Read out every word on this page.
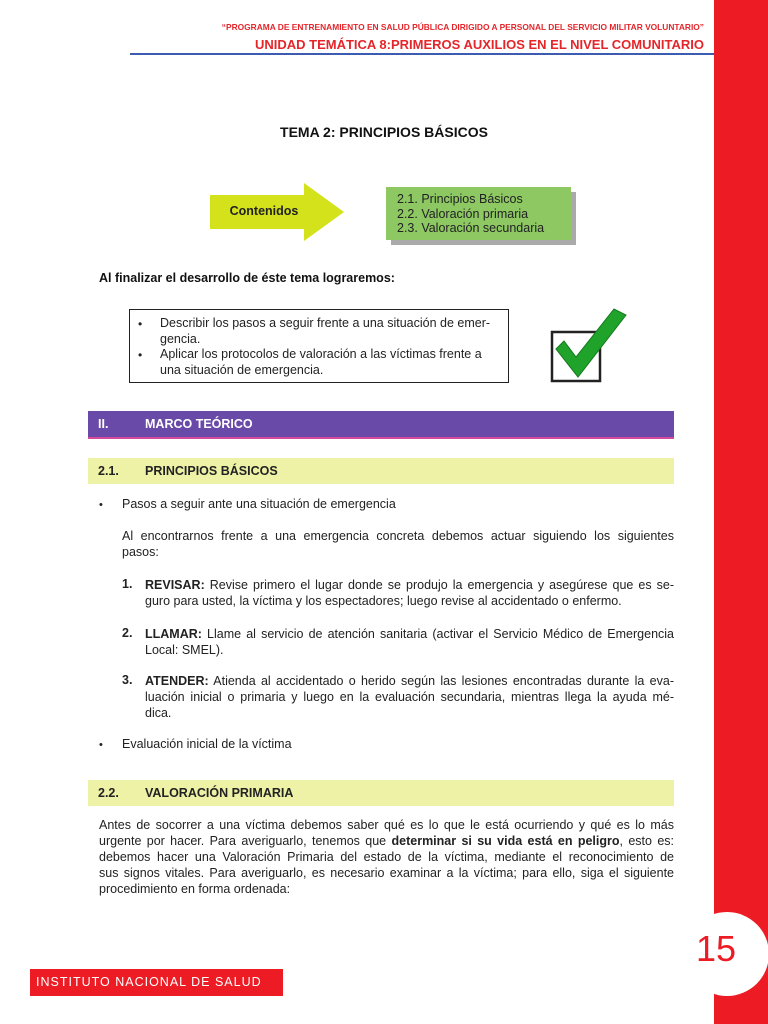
“PROGRAMA DE ENTRENAMIENTO EN SALUD PÚBLICA DIRIGIDO A PERSONAL DEL SERVICIO MILITAR VOLUNTARIO”
UNIDAD TEMÁTICA 8:PRIMEROS AUXILIOS EN EL NIVEL COMUNITARIO
15
TEMA 2: PRINCIPIOS BÁSICOS
Contenidos
2.1. Principios Básicos
2.2. Valoración primaria
2.3. Valoración secundaria
Al finalizar el desarrollo de éste tema lograremos:
• Describir los pasos a seguir frente a una situación de emer-
gencia.
• Aplicar los protocolos de valoración a las víctimas frente a
una situación de emergencia.
II.	MARCO TEÓRICO
2.1. PRINCIPIOS BÁSICOS
• Pasos a seguir ante una situación de emergencia
Al encontrarnos frente a una emergencia concreta debemos actuar siguiendo los siguientes
pasos:
1. REVISAR: Revise primero el lugar donde se produjo la emergencia y asegúrese que es se-
guro para usted, la víctima y los espectadores; luego revise al accidentado o enfermo.
2. LLAMAR: Llame al servicio de atención sanitaria (activar el Servicio Médico de Emergencia
Local: SMEL).
3. ATENDER: Atienda al accidentado o herido según las lesiones encontradas durante la eva-
luación inicial o primaria y luego en la evaluación secundaria, mientras llega la ayuda mé-
dica.
• Evaluación inicial de la víctima
2.2. VALORACIÓN PRIMARIA
Antes de socorrer a una víctima debemos saber qué es lo que le está ocurriendo y qué es lo más
urgente por hacer. Para averiguarlo, tenemos que determinar si su vida está en peligro, esto es:
debemos hacer una Valoración Primaria del estado de la víctima, mediante el reconocimiento de
sus signos vitales. Para averiguarlo, es necesario examinar a la víctima; para ello, siga el siguiente
procedimiento en forma ordenada:
INSTITUTO NACIONAL DE SALUD
